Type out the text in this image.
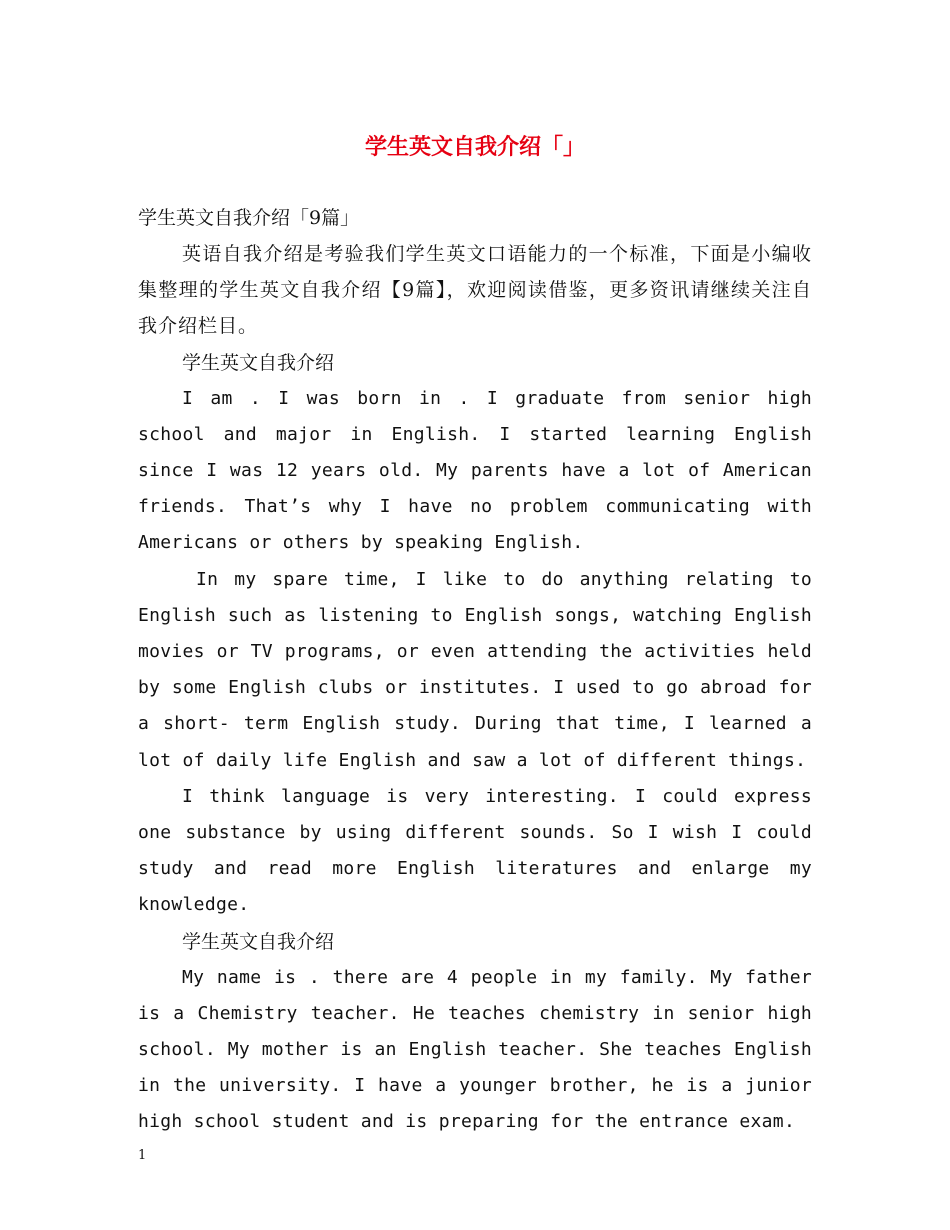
学生英文自我介绍「」

学生英文自我介绍「9篇」

英语自我介绍是考验我们学生英文口语能力的一个标准，下面是小编收集整理的学生英文自我介绍【9篇】，欢迎阅读借鉴，更多资讯请继续关注自我介绍栏目。

学生英文自我介绍

I am . I was born in . I graduate from senior high school and major in English. I started learning English since I was 12 years old. My parents have a lot of American friends. That’s why I have no problem communicating with Americans or others by speaking English.

In my spare time, I like to do anything relating to English such as listening to English songs, watching English movies or TV programs, or even attending the activities held by some English clubs or institutes. I used to go abroad for a short- term English study. During that time, I learned a lot of daily life English and saw a lot of different things.

I think language is very interesting. I could express one substance by using different sounds. So I wish I could study and read more English literatures and enlarge my knowledge.

学生英文自我介绍

My name is . there are 4 people in my family. My father is a Chemistry teacher. He teaches chemistry in senior high school. My mother is an English teacher. She teaches English in the university. I have a younger brother, he is a junior high school student and is preparing for the entrance exam.

1
